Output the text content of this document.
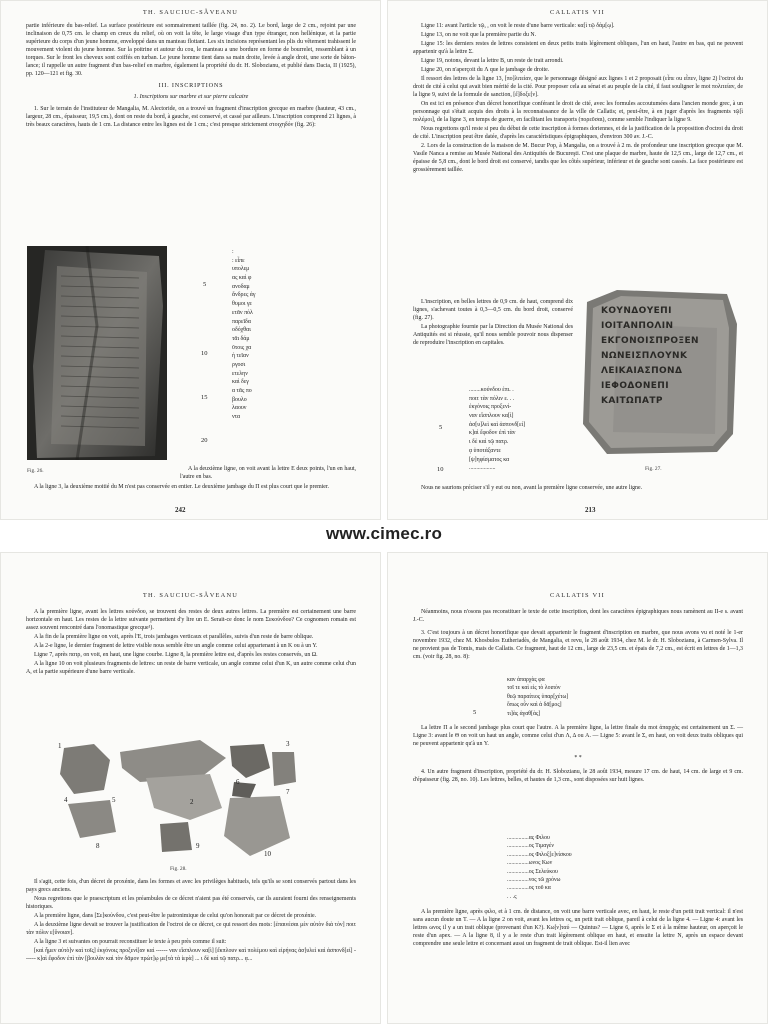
TH. SAUCIUC-SĂVEANU

partie inférieure du bas-relief. La surface postérieure est sommairement taillée (fig. 24, no. 2). Le bord, large de 2 cm., rejoint par une inclinaison de 0,75 cm. le champ en creux du relief, où on voit la tête, le large visage d'un type étranger, non hellénique, et la partie supérieure du corps d'un jeune homme, enveloppé dans un manteau flottant. Les six incisions représentant les plis du vêtement trahissent le mouvement violent du jeune homme. Sur la poitrine et autour du cou, le manteau a une bordure en forme de bourrelet, ressemblant à un torques. Sur le front les cheveux sont coiffés en turban. Le jeune homme tient dans sa main droite, levée à angle droit, une sorte de bâton-lance; il rappelle un autre fragment d'un bas-relief en marbre, également la propriété du dr. H. Slobozianu, et publié dans Dacia, II (1925), pp. 120—121 et fig. 30.

III. INSCRIPTIONS
1. Inscriptions sur marbre et sur pierre calcaire

1. Sur le terrain de l'instituteur de Mangalia, M. Alectoride, on a trouvé un fragment d'inscription grecque en marbre (hauteur, 43 cm., largeur, 28 cm., épaisseur, 19,5 cm.), dont on reste du bord, à gauche, est conservé, et cassé par ailleurs. L'inscription comprend 21 lignes, à très beaux caractères, hauts de 1 cm. La distance entre les lignes est de 1 cm.; c'est presque strictement στοιχηδόν (fig. 26):

Fig. 26.
:
: εἶπε
υπολεμ
ας καὶ φ
ανοδαμ
ἄνδρες ἀγ
θυμοι γε
ετᾶν πόλ
παρεῖδα
οδόχθαι
τᾶι δάμ
ῦτοις χα
ή τεῖαν
ργοσι
ετελην
καὶ δεγ
α τᾶς πο
βουλο
λαουν
ντα
5
10
15
20

A la deuxième ligne, on voit avant la lettre E deux points, l'un en haut, l'autre en bas.

A la ligne 3, la deuxième moitié du M n'est pas conservée en entier. Le deuxième jambage du Π est plus court que le premier.

242
CALLATIS VII

Ligne 11: avant l'article τῷ, , on voit le reste d'une barre verticale: κα[ὶ τῷ δάμ[ῳ].

Ligne 13, on ne voit que la première partie du N.

Ligne 15: les derniers restes de lettres consistent en deux petits traits légèrement obliques, l'un en haut, l'autre en bas, qui ne peuvent appartenir qu'à la lettre Σ.

Ligne 19, notons, devant la lettre B, un reste de trait arrondi.

Ligne 20, on n'aperçoit du Λ que le jambage de droite.

Il ressort des lettres de la ligne 13, [πο]λιτείαν, que le personnage désigné aux lignes 1 et 2 proposait (εἶπε ou εἶπεν, ligne 2) l'octroi du droit de cité à celui qui avait bien mérité de la cité. Pour proposer cela au sénat et au peuple de la cité, il faut souligner le mot πολιτείαν, de la ligne 9, suivi de la formule de sanction, [ἔ]δοξε[ν].

On est ici en présence d'un décret honorifique conférant le droit de cité, avec les formules accoutumées dans l'ancien monde grec, à un personnage qui s'était acquis des droits à la reconnaissance de la ville de Callatis; et, peut-être, à en juger d'après les fragments τῷ[ὶ πολέμοι], de la ligne 3, en temps de guerre, en facilitant les transports (πορεῦσαι), comme semble l'indiquer la ligne 9.

Nous regrettons qu'il reste si peu du début de cette inscription à formes doriennes, et de la justification de la proposition d'octroi du droit de cité. L'inscription peut être datée, d'après les caractéristiques épigraphiques, d'environ 300 av. J.-C.

2. Lors de la construction de la maison de M. Bucur Pop, à Mangalia, on a trouvé à 2 m. de profondeur une inscription grecque que M. Vasile Nanca a remise au Musée National des Antiquités de Bucureşti. C'est une plaque de marbre, haute de 12,5 cm., large de 12,7 cm., et épaisse de 5,8 cm., dont le bord droit est conservé, tandis que les côtés supérieur, inférieur et de gauche sont cassés. La face postérieure est grossièrement taillée.

L'inscription, en belles lettres de 0,9 cm. de haut, comprend dix lignes, s'achevant toutes à 0,3—0,5 cm. du bord droit, conservé (fig. 27).

La photographie fournie par la Direction du Musée National des Antiquités est si réussie, qu'il nous semble pouvoir nous dispenser de reproduire l'inscription en capitales.

ΚΟΥΝΔΟΥΕΠΙ
ΙΟΙΤΑΝΠΟΛΙΝ
ΕΚΓΟΝΟΙΣΠΡΟΞΕΝ
ΝΩΝΕΙΣΠΛΟΥΝΚ
ΛΕΙΚΑΙΑΣΠΟΝΔ
ΙΕΦΟΔΟΝΕΠΙ
ΚΑΙΤΩΠΑΤΡ
Fig. 27.
........κούνδου ἐπι. .
ποιτ τὰν πόλιν ε. . .
ἐκγόνοις προξενί-
ναν εἴσπλουν κα[ὶ]
ἀσ[υ]λεὶ καὶ ἀσπονδ[εί]
κ]αὶ ἔφοδον ἐπὶ τὰν
ι δὲ καὶ τῷ πατρ.
ᾳ ὑποτάξαντε
[ψ]ηφίσματος κα
..................
5
10

Nous ne saurions préciser s'il y eut ou non, avant la première ligne conservée, une autre ligne.

213
www.cimec.ro
TH. SAUCIUC-SĂVEANU

A la première ligne, avant les lettres κούνδου, se trouvent des restes de deux autres lettres. La première est certainement une barre horizontale en haut. Les restes de la lettre suivante permettent d'y lire un E. Serait-ce donc le nom Σεκούνδου? Ce cognomen romain est assez souvent rencontré dans l'onomastique grecque¹).

A la fin de la première ligne on voit, après l'E, trois jambages verticaux et parallèles, suivis d'un reste de barre oblique.

A la 2-e ligne, le dernier fragment de lettre visible nous semble être un angle comme celui appartenant à un K ou à un Y.

Ligne 7, après πατρ, on voit, en haut, une ligne courbe. Ligne 8, la première lettre est, d'après les restes conservés, un Ω.

A la ligne 10 on voit plusieurs fragments de lettres: un reste de barre verticale, un angle comme celui d'un K, un autre comme celui d'un A, et la partie supérieure d'une barre verticale.

1
2
3
4	5
6
7
8	9
10
Fig. 28.

Il s'agit, cette fois, d'un décret de proxénie, dans les formes et avec les privilèges habituels, tels qu'ils se sont conservés partout dans les pays grecs anciens.

Nous regrettons que le praescriptum et les préambules de ce décret n'aient pas été conservés, car ils auraient fourni des renseignements historiques.

A la première ligne, dans [Σε]κούνδου, c'est peut-être le patronimique de celui qu'on honorait par ce décret de proxénie.

A la deuxième ligne devait se trouver la justification de l'octroi de ce décret, ce qui ressort des mots: [ἐπαινέσαι μὲν αὐτὸν διὰ τὸν] ποιτ τὰν πόλιν ε[ὔνοιαν].

A la ligne 3 et suivantes on pourrait reconstituer le texte à peu près comme il suit:

[καὶ ἦμεν αὐτὸ]ν καὶ τοῖς] ἐκγόνοις προξενί[αν καὶ ------ ναν εἴσπλουν κα[ὶ] [ἔκπλουν καὶ πολέμου καὶ εἰρήνας ἀσ]υλεὶ καὶ ἀσπονδ[εί] ------ κ]αὶ ἔφοδον ἐπὶ τὰν [βουλὰν καὶ τὸν δᾶμον πρώτ]ῳ με[τὰ τὰ ἱερὰ] ... ι δὲ καὶ τῷ πατρ... ᾳ...

CALLATIS VII

Néanmoins, nous n'osons pas reconstituer le texte de cette inscription, dont les caractères épigraphiques nous ramènent au II-e s. avant J.-C.

3. C'est toujours à un décret honorifique que devait appartenir le fragment d'inscription en marbre, que nous avons vu et noté le 1-er novembre 1932, chez M. Khosbulos Eutheriadès, de Mangalia, et revu, le 28 août 1934, chez M. le dr. H. Slobozianu, à Carmen-Sylva. Il ne provient pas de Tomis, mais de Callatis. Ce fragment, haut de 12 cm., large de 23,5 cm. et épais de 7,2 cm., est écrit en lettres de 1—1,3 cm. (voir fig. 28, no. 8):

καν ἀπαρχὰς φα
τοῖ τε καὶ εἰς τὸ λοιπὸν
θεῷ παραίτιος ὑπαρ[χέτω]
ὅπως οὖν καὶ ἁ δᾶ[μος]
τι]ὰς ἀγαθ[ὰς]
5

La lettre Π a le second jambage plus court que l'autre. A la première ligne, la lettre finale du mot ἀπαρχὰς est certainement un Σ. — Ligne 3: avant le Θ on voit un haut un angle, comme celui d'un Λ, Δ ou Α. — Ligne 5: avant le Σ, en haut, on voit deux traits obliques qui ne peuvent appartenir qu'à un Υ.

* *

4. Un autre fragment d'inscription, propriété du dr. H. Slobozianu, le 28 août 1934, mesure 17 cm. de haut, 14 cm. de large et 9 cm. d'épaisseur (fig. 28, no. 10). Les lettres, belles, et hautes de 1,3 cm., sont disposées sur huit lignes.

...............ας Φιλου
...............ος Τιμαγέν
...............ος Φιλοξ[ε]νίσκου
...............ωνος Κων
...............ος Σελεύκου
...............νος τῶ χρόνω
...............ος τοῦ κα
. . .ς

A la première ligne, après φιλο, et à 1 cm. de distance, on voit une barre verticale avec, en haut, le reste d'un petit trait vertical: il n'est sans aucun doute un T. — A la ligne 2 on voit, avant les lettres ος, un petit trait oblique, pareil à celui de la ligne 4. — Ligne 4: avant les lettres ωνος il y a un trait oblique (provenant d'un K?). Κω[ν]ταύ — Quintus? — Ligne 6, après le Σ et à la même hauteur, on aperçoit le reste d'un apex. — A la ligne 8, il y a le reste d'un trait légèrement oblique en haut, et ensuite la lettre N, après un espace devant comprendre une seule lettre et concernant aussi un fragment de trait oblique. Est-il lien avec
